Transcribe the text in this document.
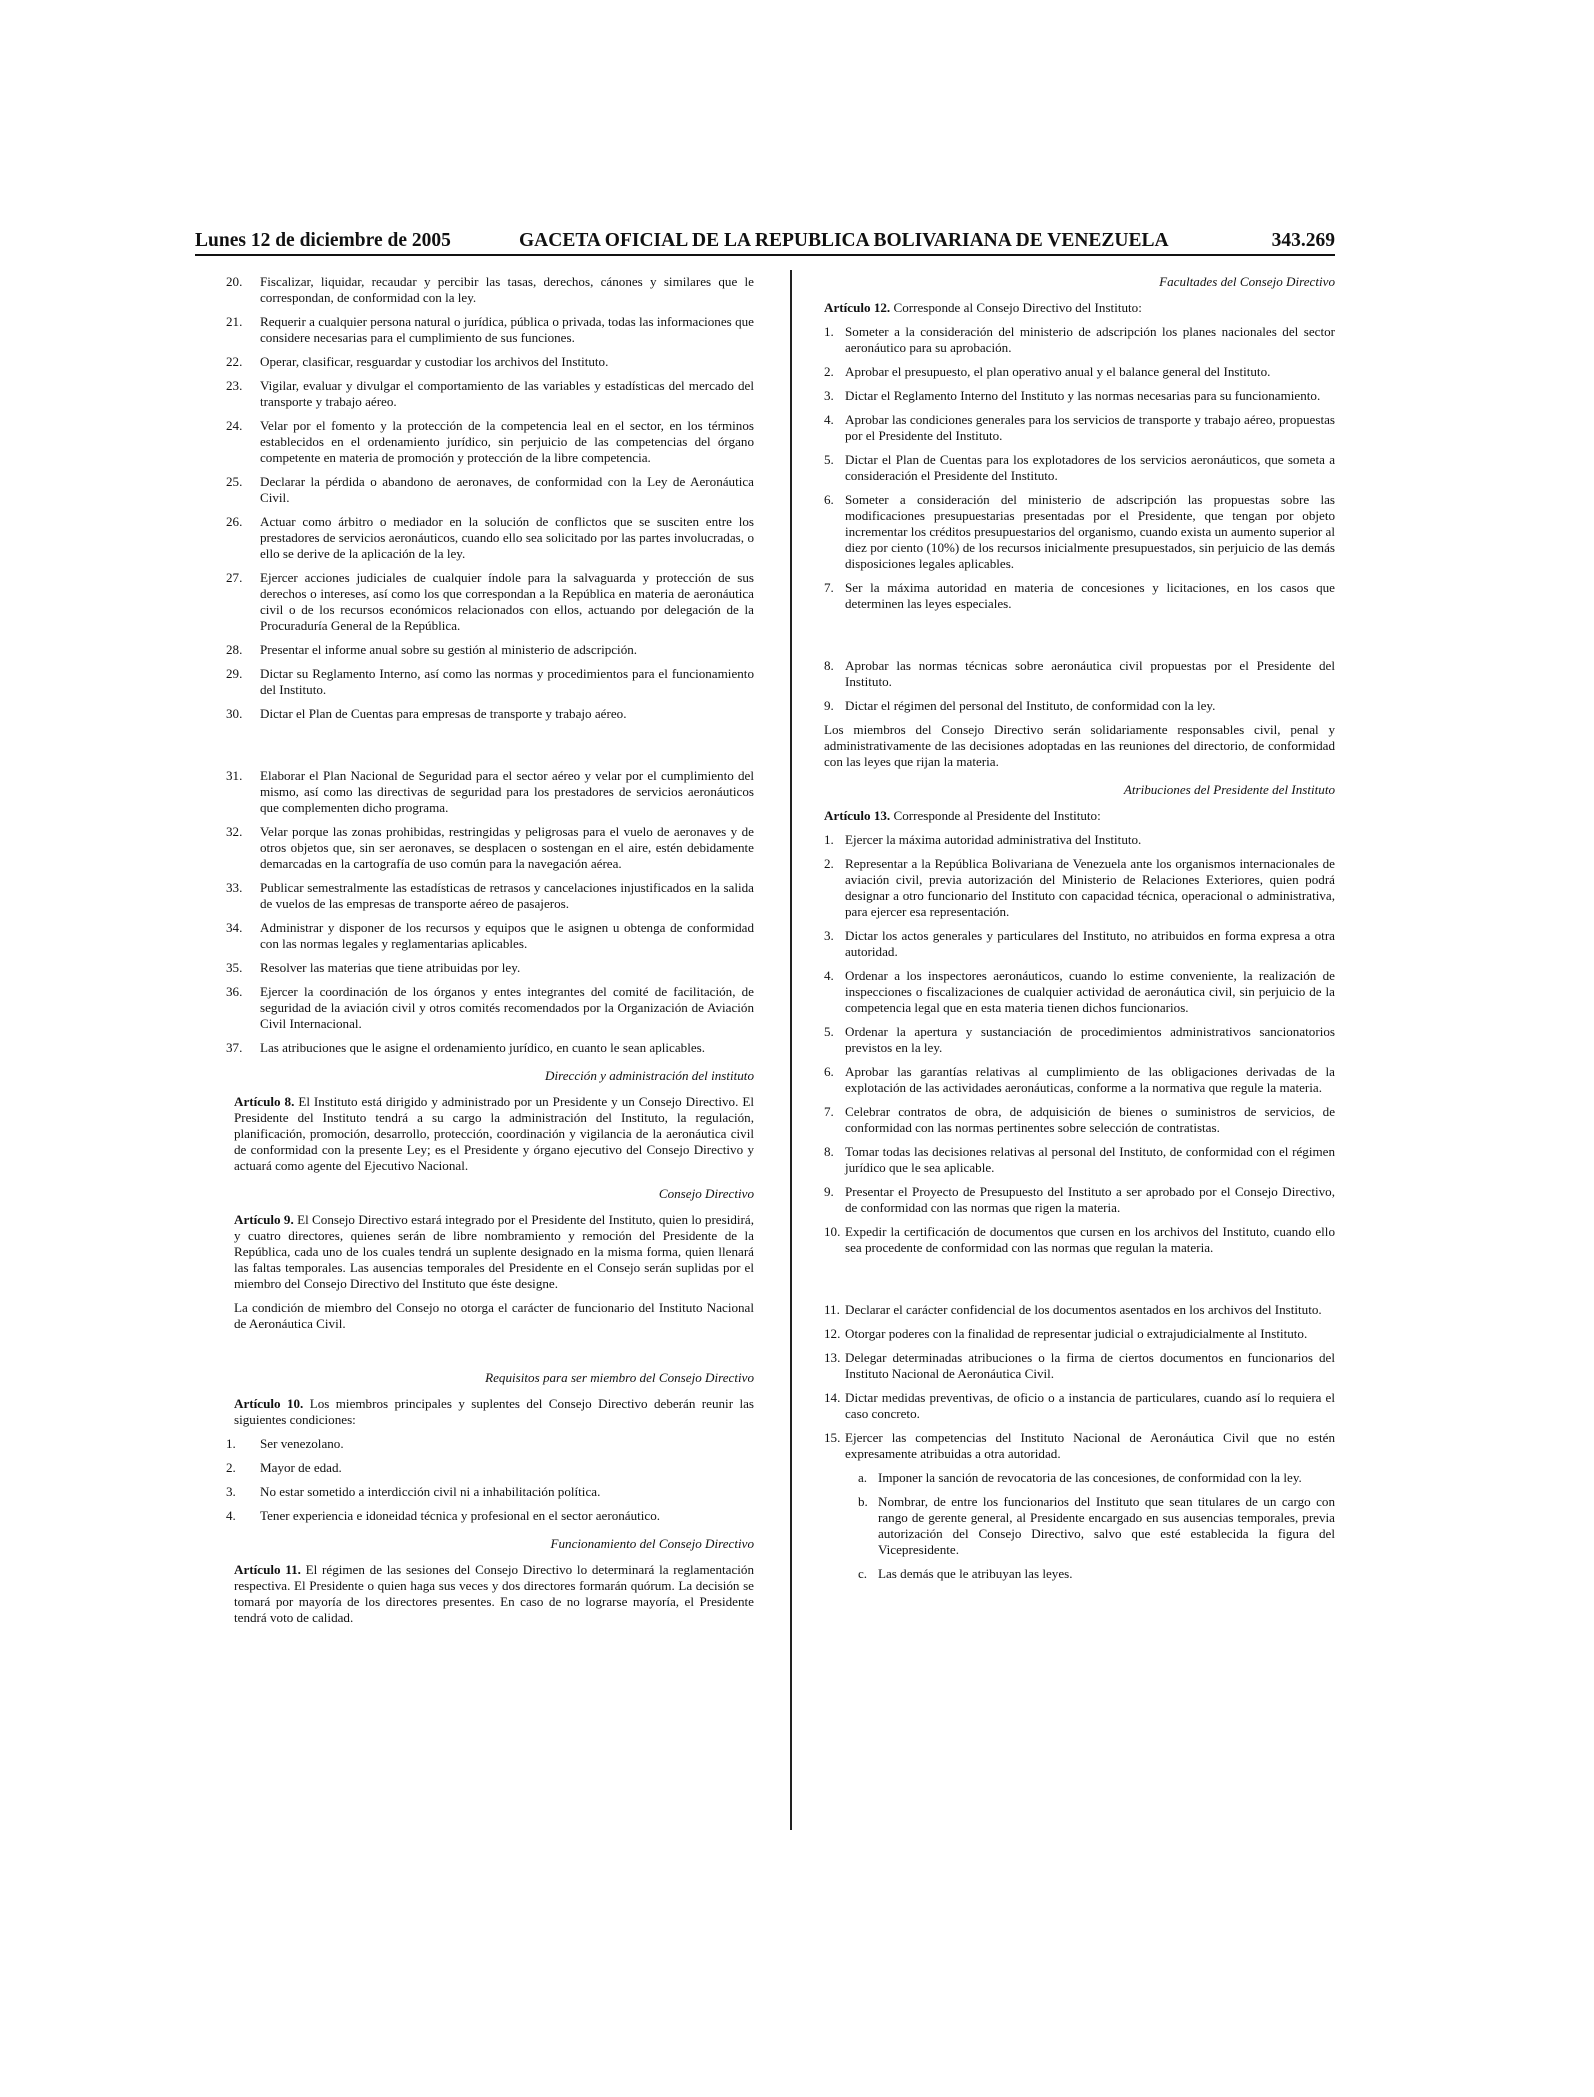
Lunes 12 de diciembre de 2005	GACETA OFICIAL DE LA REPUBLICA BOLIVARIANA DE VENEZUELA	343.269
20. Fiscalizar, liquidar, recaudar y percibir las tasas, derechos, cánones y similares que le correspondan, de conformidad con la ley.
21. Requerir a cualquier persona natural o jurídica, pública o privada, todas las informaciones que considere necesarias para el cumplimiento de sus funciones.
22. Operar, clasificar, resguardar y custodiar los archivos del Instituto.
23. Vigilar, evaluar y divulgar el comportamiento de las variables y estadísticas del mercado del transporte y trabajo aéreo.
24. Velar por el fomento y la protección de la competencia leal en el sector, en los términos establecidos en el ordenamiento jurídico, sin perjuicio de las competencias del órgano competente en materia de promoción y protección de la libre competencia.
25. Declarar la pérdida o abandono de aeronaves, de conformidad con la Ley de Aeronáutica Civil.
26. Actuar como árbitro o mediador en la solución de conflictos que se susciten entre los prestadores de servicios aeronáuticos, cuando ello sea solicitado por las partes involucradas, o ello se derive de la aplicación de la ley.
27. Ejercer acciones judiciales de cualquier índole para la salvaguarda y protección de sus derechos o intereses, así como los que correspondan a la República en materia de aeronáutica civil o de los recursos económicos relacionados con ellos, actuando por delegación de la Procuraduría General de la República.
28. Presentar el informe anual sobre su gestión al ministerio de adscripción.
29. Dictar su Reglamento Interno, así como las normas y procedimientos para el funcionamiento del Instituto.
30. Dictar el Plan de Cuentas para empresas de transporte y trabajo aéreo.
31. Elaborar el Plan Nacional de Seguridad para el sector aéreo y velar por el cumplimiento del mismo, así como las directivas de seguridad para los prestadores de servicios aeronáuticos que complementen dicho programa.
32. Velar porque las zonas prohibidas, restringidas y peligrosas para el vuelo de aeronaves y de otros objetos que, sin ser aeronaves, se desplacen o sostengan en el aire, estén debidamente demarcadas en la cartografía de uso común para la navegación aérea.
33. Publicar semestralmente las estadísticas de retrasos y cancelaciones injustificados en la salida de vuelos de las empresas de transporte aéreo de pasajeros.
34. Administrar y disponer de los recursos y equipos que le asignen u obtenga de conformidad con las normas legales y reglamentarias aplicables.
35. Resolver las materias que tiene atribuidas por ley.
36. Ejercer la coordinación de los órganos y entes integrantes del comité de facilitación, de seguridad de la aviación civil y otros comités recomendados por la Organización de Aviación Civil Internacional.
37. Las atribuciones que le asigne el ordenamiento jurídico, en cuanto le sean aplicables.
Dirección y administración del instituto
Artículo 8. El Instituto está dirigido y administrado por un Presidente y un Consejo Directivo. El Presidente del Instituto tendrá a su cargo la administración del Instituto, la regulación, planificación, promoción, desarrollo, protección, coordinación y vigilancia de la aeronáutica civil de conformidad con la presente Ley; es el Presidente y órgano ejecutivo del Consejo Directivo y actuará como agente del Ejecutivo Nacional.
Consejo Directivo
Artículo 9. El Consejo Directivo estará integrado por el Presidente del Instituto, quien lo presidirá, y cuatro directores, quienes serán de libre nombramiento y remoción del Presidente de la República, cada uno de los cuales tendrá un suplente designado en la misma forma, quien llenará las faltas temporales. Las ausencias temporales del Presidente en el Consejo serán suplidas por el miembro del Consejo Directivo del Instituto que éste designe.
La condición de miembro del Consejo no otorga el carácter de funcionario del Instituto Nacional de Aeronáutica Civil.
Requisitos para ser miembro del Consejo Directivo
Artículo 10. Los miembros principales y suplentes del Consejo Directivo deberán reunir las siguientes condiciones:
1. Ser venezolano.
2. Mayor de edad.
3. No estar sometido a interdicción civil ni a inhabilitación política.
4. Tener experiencia e idoneidad técnica y profesional en el sector aeronáutico.
Funcionamiento del Consejo Directivo
Artículo 11. El régimen de las sesiones del Consejo Directivo lo determinará la reglamentación respectiva. El Presidente o quien haga sus veces y dos directores formarán quórum. La decisión se tomará por mayoría de los directores presentes. En caso de no lograrse mayoría, el Presidente tendrá voto de calidad.
Facultades del Consejo Directivo
Artículo 12. Corresponde al Consejo Directivo del Instituto:
1. Someter a la consideración del ministerio de adscripción los planes nacionales del sector aeronáutico para su aprobación.
2. Aprobar el presupuesto, el plan operativo anual y el balance general del Instituto.
3. Dictar el Reglamento Interno del Instituto y las normas necesarias para su funcionamiento.
4. Aprobar las condiciones generales para los servicios de transporte y trabajo aéreo, propuestas por el Presidente del Instituto.
5. Dictar el Plan de Cuentas para los explotadores de los servicios aeronáuticos, que someta a consideración el Presidente del Instituto.
6. Someter a consideración del ministerio de adscripción las propuestas sobre las modificaciones presupuestarias presentadas por el Presidente, que tengan por objeto incrementar los créditos presupuestarios del organismo, cuando exista un aumento superior al diez por ciento (10%) de los recursos inicialmente presupuestados, sin perjuicio de las demás disposiciones legales aplicables.
7. Ser la máxima autoridad en materia de concesiones y licitaciones, en los casos que determinen las leyes especiales.
8. Aprobar las normas técnicas sobre aeronáutica civil propuestas por el Presidente del Instituto.
9. Dictar el régimen del personal del Instituto, de conformidad con la ley.
Los miembros del Consejo Directivo serán solidariamente responsables civil, penal y administrativamente de las decisiones adoptadas en las reuniones del directorio, de conformidad con las leyes que rijan la materia.
Atribuciones del Presidente del Instituto
Artículo 13. Corresponde al Presidente del Instituto:
1. Ejercer la máxima autoridad administrativa del Instituto.
2. Representar a la República Bolivariana de Venezuela ante los organismos internacionales de aviación civil, previa autorización del Ministerio de Relaciones Exteriores, quien podrá designar a otro funcionario del Instituto con capacidad técnica, operacional o administrativa, para ejercer esa representación.
3. Dictar los actos generales y particulares del Instituto, no atribuidos en forma expresa a otra autoridad.
4. Ordenar a los inspectores aeronáuticos, cuando lo estime conveniente, la realización de inspecciones o fiscalizaciones de cualquier actividad de aeronáutica civil, sin perjuicio de la competencia legal que en esta materia tienen dichos funcionarios.
5. Ordenar la apertura y sustanciación de procedimientos administrativos sancionatorios previstos en la ley.
6. Aprobar las garantías relativas al cumplimiento de las obligaciones derivadas de la explotación de las actividades aeronáuticas, conforme a la normativa que regule la materia.
7. Celebrar contratos de obra, de adquisición de bienes o suministros de servicios, de conformidad con las normas pertinentes sobre selección de contratistas.
8. Tomar todas las decisiones relativas al personal del Instituto, de conformidad con el régimen jurídico que le sea aplicable.
9. Presentar el Proyecto de Presupuesto del Instituto a ser aprobado por el Consejo Directivo, de conformidad con las normas que rigen la materia.
10. Expedir la certificación de documentos que cursen en los archivos del Instituto, cuando ello sea procedente de conformidad con las normas que regulan la materia.
11. Declarar el carácter confidencial de los documentos asentados en los archivos del Instituto.
12. Otorgar poderes con la finalidad de representar judicial o extrajudicialmente al Instituto.
13. Delegar determinadas atribuciones o la firma de ciertos documentos en funcionarios del Instituto Nacional de Aeronáutica Civil.
14. Dictar medidas preventivas, de oficio o a instancia de particulares, cuando así lo requiera el caso concreto.
15. Ejercer las competencias del Instituto Nacional de Aeronáutica Civil que no estén expresamente atribuidas a otra autoridad.
a. Imponer la sanción de revocatoria de las concesiones, de conformidad con la ley.
b. Nombrar, de entre los funcionarios del Instituto que sean titulares de un cargo con rango de gerente general, al Presidente encargado en sus ausencias temporales, previa autorización del Consejo Directivo, salvo que esté establecida la figura del Vicepresidente.
c. Las demás que le atribuyan las leyes.
